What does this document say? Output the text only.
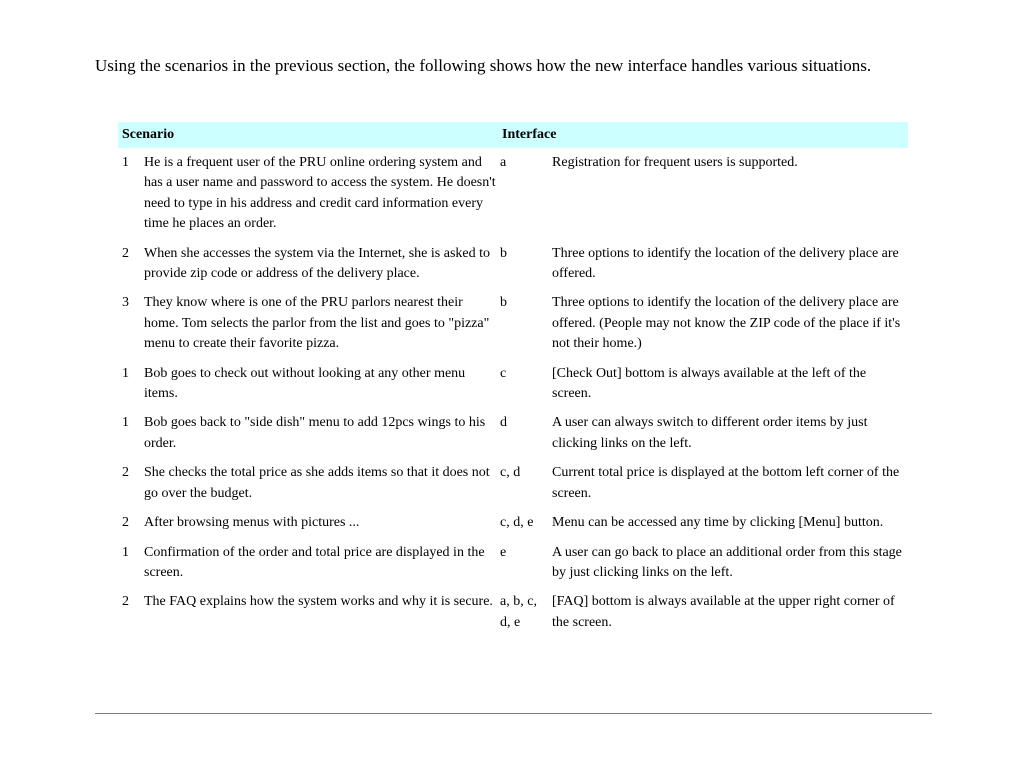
Using the scenarios in the previous section, the following shows how the new interface handles various situations.

Scenario		Interface	
1	He is a frequent user of the PRU online ordering system and has a user name and password to access the system. He doesn't need to type in his address and credit card information every time he places an order.	a	Registration for frequent users is supported.
2	When she accesses the system via the Internet, she is asked to provide zip code or address of the delivery place.	b	Three options to identify the location of the delivery place are offered.
3	They know where is one of the PRU parlors nearest their home. Tom selects the parlor from the list and goes to "pizza" menu to create their favorite pizza.	b	Three options to identify the location of the delivery place are offered. (People may not know the ZIP code of the place if it's not their home.)
1	Bob goes to check out without looking at any other menu items.	c	[Check Out] bottom is always available at the left of the screen.
1	Bob goes back to "side dish" menu to add 12pcs wings to his order.	d	A user can always switch to different order items by just clicking links on the left.
2	She checks the total price as she adds items so that it does not go over the budget.	c, d	Current total price is displayed at the bottom left corner of the screen.
2	After browsing menus with pictures ...	c, d, e	Menu can be accessed any time by clicking [Menu] button.
1	Confirmation of the order and total price are displayed in the screen.	e	A user can go back to place an additional order from this stage by just clicking links on the left.
2	The FAQ explains how the system works and why it is secure.	a, b, c, d, e	[FAQ] bottom is always available at the upper right corner of the screen.
